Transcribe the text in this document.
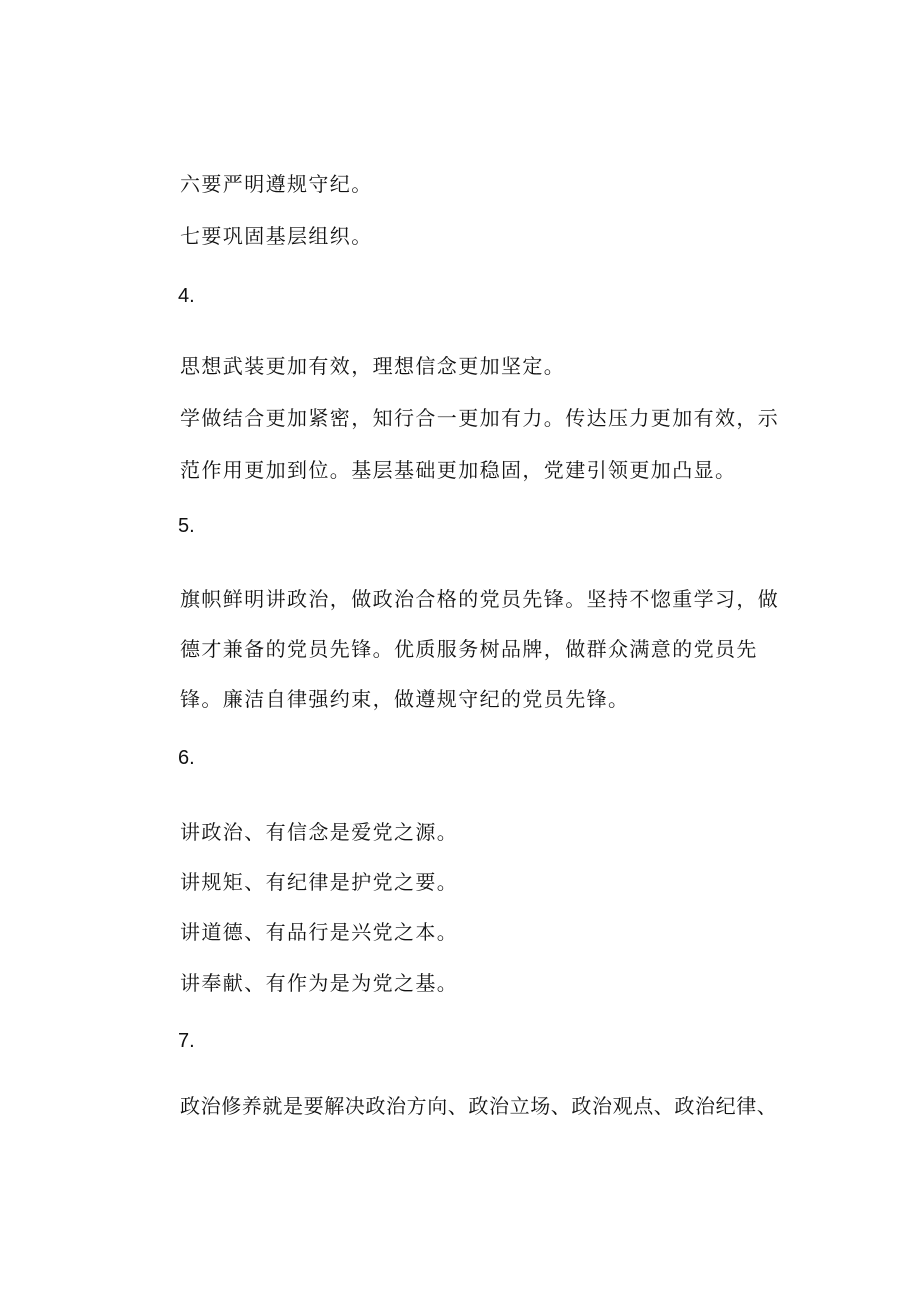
六要严明遵规守纪。
七要巩固基层组织。
4.
思想武装更加有效，理想信念更加坚定。
学做结合更加紧密，知行合一更加有力。传达压力更加有效，示
范作用更加到位。基层基础更加稳固，党建引领更加凸显。
5.
旗帜鲜明讲政治，做政治合格的党员先锋。坚持不惚重学习，做
德才兼备的党员先锋。优质服务树品牌，做群众满意的党员先
锋。廉洁自律强约束，做遵规守纪的党员先锋。
6.
讲政治、有信念是爱党之源。
讲规矩、有纪律是护党之要。
讲道德、有品行是兴党之本。
讲奉献、有作为是为党之基。
7.
政治修养就是要解决政治方向、政治立场、政治观点、政治纪律、
